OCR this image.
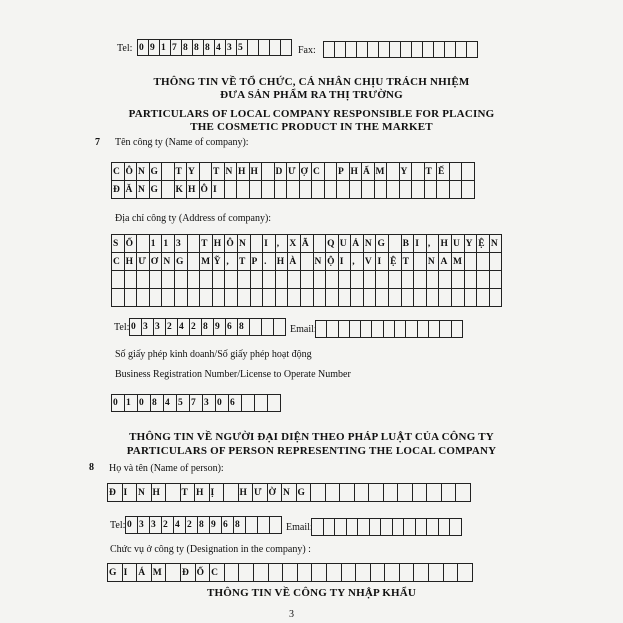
Tel: 0 9 1 7 8 8 8 4 3 5	Fax:
THÔNG TIN VỀ TỔ CHỨC, CÁ NHÂN CHỊU TRÁCH NHIỆM
ĐƯA SẢN PHẨM RA THỊ TRƯỜNG
PARTICULARS OF LOCAL COMPANY RESPONSIBLE FOR PLACING
THE COSMETIC PRODUCT IN THE MARKET
7 Tên công ty (Name of company):
C Ô N G	T Y	T N H H	D Ư Ợ C	P H Ẩ M Y	T Ế
Đ Ă N G	K H Ô I
Địa chỉ công ty (Address of company):
S Ố	1 1 3	T H Ô N	I ,	X Ã	Q U Ả N G	B I ,	H U Y Ệ N
C H Ư Ơ N G	M Ỹ ,	T P .	H À	N Ộ I ,	V I Ệ T	N A M
Tel: 0 3 3 2 4 2 8 9 6 8	Email:
Số giấy phép kinh doanh/Số giấy phép hoạt động
Business Registration Number/License to Operate Number
0 1 0 8 4 5 7 3 0 6
THÔNG TIN VỀ NGƯỜI ĐẠI DIỆN THEO PHÁP LUẬT CỦA CÔNG TY
PARTICULARS OF PERSON REPRESENTING THE LOCAL COMPANY
8 Họ và tên (Name of person):
Đ I	N H	T H Ị	H Ư Ờ N G
Tel: 0 3 3 2 4 2 8 9 6 8	Email:
Chức vụ ở công ty (Designation in the company) :
G I	Á M	Đ Ố C
THÔNG TIN VỀ CÔNG TY NHẬP KHẨU
3
